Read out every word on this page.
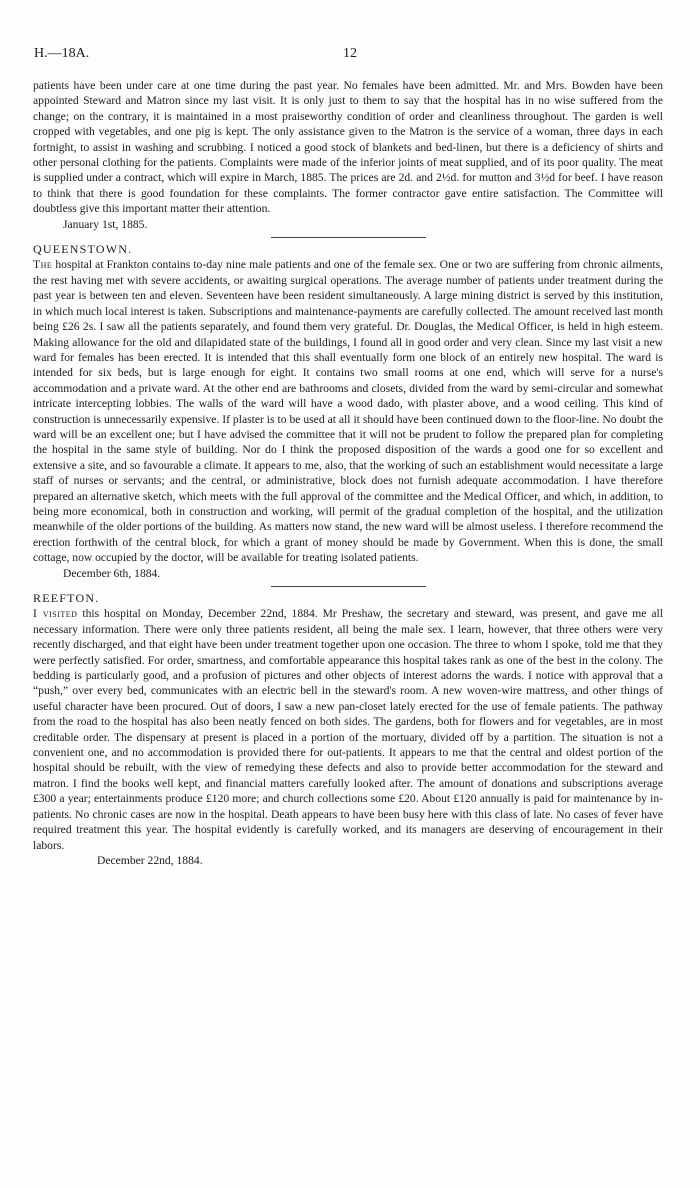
H.—18A.	12

patients have been under care at one time during the past year. No females have been admitted. Mr. and Mrs. Bowden have been appointed Steward and Matron since my last visit. It is only just to them to say that the hospital has in no wise suffered from the change; on the contrary, it is maintained in a most praiseworthy condition of order and cleanliness throughout. The garden is well cropped with vegetables, and one pig is kept. The only assistance given to the Matron is the service of a woman, three days in each fortnight, to assist in washing and scrubbing. I noticed a good stock of blankets and bed-linen, but there is a deficiency of shirts and other personal clothing for the patients. Complaints were made of the inferior joints of meat supplied, and of its poor quality. The meat is supplied under a contract, which will expire in March, 1885. The prices are 2d. and 2½d. for mutton and 3½d for beef. I have reason to think that there is good foundation for these complaints. The former contractor gave entire satisfaction. The Committee will doubtless give this important matter their attention.

January 1st, 1885.

QUEENSTOWN.

The hospital at Frankton contains to-day nine male patients and one of the female sex. One or two are suffering from chronic ailments, the rest having met with severe accidents, or awaiting surgical operations. The average number of patients under treatment during the past year is between ten and eleven. Seventeen have been resident simultaneously. A large mining district is served by this institution, in which much local interest is taken. Subscriptions and maintenance-payments are carefully collected. The amount received last month being £26 2s. I saw all the patients separately, and found them very grateful. Dr. Douglas, the Medical Officer, is held in high esteem. Making allowance for the old and dilapidated state of the buildings, I found all in good order and very clean. Since my last visit a new ward for females has been erected. It is intended that this shall eventually form one block of an entirely new hospital. The ward is intended for six beds, but is large enough for eight. It contains two small rooms at one end, which will serve for a nurse's accommodation and a private ward. At the other end are bathrooms and closets, divided from the ward by semi-circular and somewhat intricate intercepting lobbies. The walls of the ward will have a wood dado, with plaster above, and a wood ceiling. This kind of construction is unnecessarily expensive. If plaster is to be used at all it should have been continued down to the floor-line. No doubt the ward will be an excellent one; but I have advised the committee that it will not be prudent to follow the prepared plan for completing the hospital in the same style of building. Nor do I think the proposed disposition of the wards a good one for so excellent and extensive a site, and so favourable a climate. It appears to me, also, that the working of such an establishment would necessitate a large staff of nurses or servants; and the central, or administrative, block does not furnish adequate accommodation. I have therefore prepared an alternative sketch, which meets with the full approval of the committee and the Medical Officer, and which, in addition, to being more economical, both in construction and working, will permit of the gradual completion of the hospital, and the utilization meanwhile of the older portions of the building. As matters now stand, the new ward will be almost useless. I therefore recommend the erection forthwith of the central block, for which a grant of money should be made by Government. When this is done, the small cottage, now occupied by the doctor, will be available for treating isolated patients.

December 6th, 1884.

REEFTON.

I visited this hospital on Monday, December 22nd, 1884. Mr Preshaw, the secretary and steward, was present, and gave me all necessary information. There were only three patients resident, all being the male sex. I learn, however, that three others were very recently discharged, and that eight have been under treatment together upon one occasion. The three to whom I spoke, told me that they were perfectly satisfied. For order, smartness, and comfortable appearance this hospital takes rank as one of the best in the colony. The bedding is particularly good, and a profusion of pictures and other objects of interest adorns the wards. I notice with approval that a “push,” over every bed, communicates with an electric bell in the steward's room. A new woven-wire mattress, and other things of useful character have been procured. Out of doors, I saw a new pan-closet lately erected for the use of female patients. The pathway from the road to the hospital has also been neatly fenced on both sides. The gardens, both for flowers and for vegetables, are in most creditable order. The dispensary at present is placed in a portion of the mortuary, divided off by a partition. The situation is not a convenient one, and no accommodation is provided there for out-patients. It appears to me that the central and oldest portion of the hospital should be rebuilt, with the view of remedying these defects and also to provide better accommodation for the steward and matron. I find the books well kept, and financial matters carefully looked after. The amount of donations and subscriptions average £300 a year; entertainments produce £120 more; and church collections some £20. About £120 annually is paid for maintenance by in-patients. No chronic cases are now in the hospital. Death appears to have been busy here with this class of late. No cases of fever have required treatment this year. The hospital evidently is carefully worked, and its managers are deserving of encouragement in their labors.

December 22nd, 1884.
